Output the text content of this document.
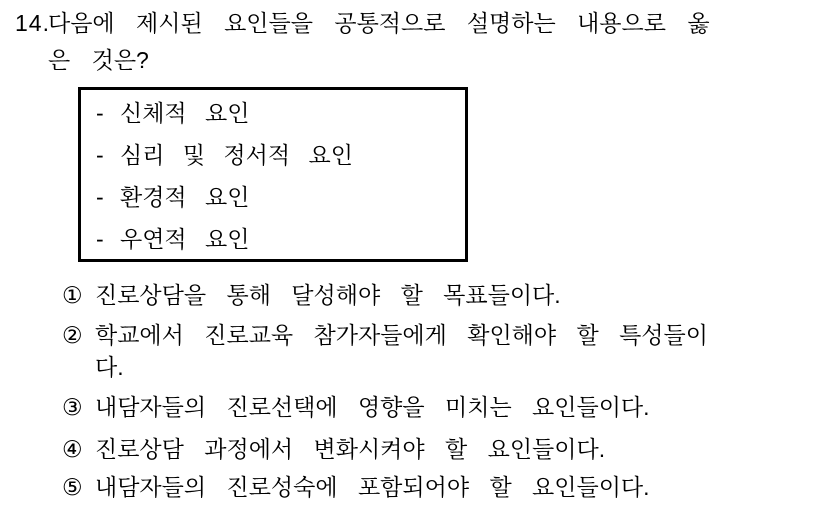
14.
다음에 제시된 요인들을 공통적으로 설명하는 내용으로 옳
은 것은?
- 신체적 요인
- 심리 및 정서적 요인
- 환경적 요인
- 우연적 요인
① 진로상담을 통해 달성해야 할 목표들이다.
② 학교에서 진로교육 참가자들에게 확인해야 할 특성들이
다.
③ 내담자들의 진로선택에 영향을 미치는 요인들이다.
④ 진로상담 과정에서 변화시켜야 할 요인들이다.
⑤ 내담자들의 진로성숙에 포함되어야 할 요인들이다.
